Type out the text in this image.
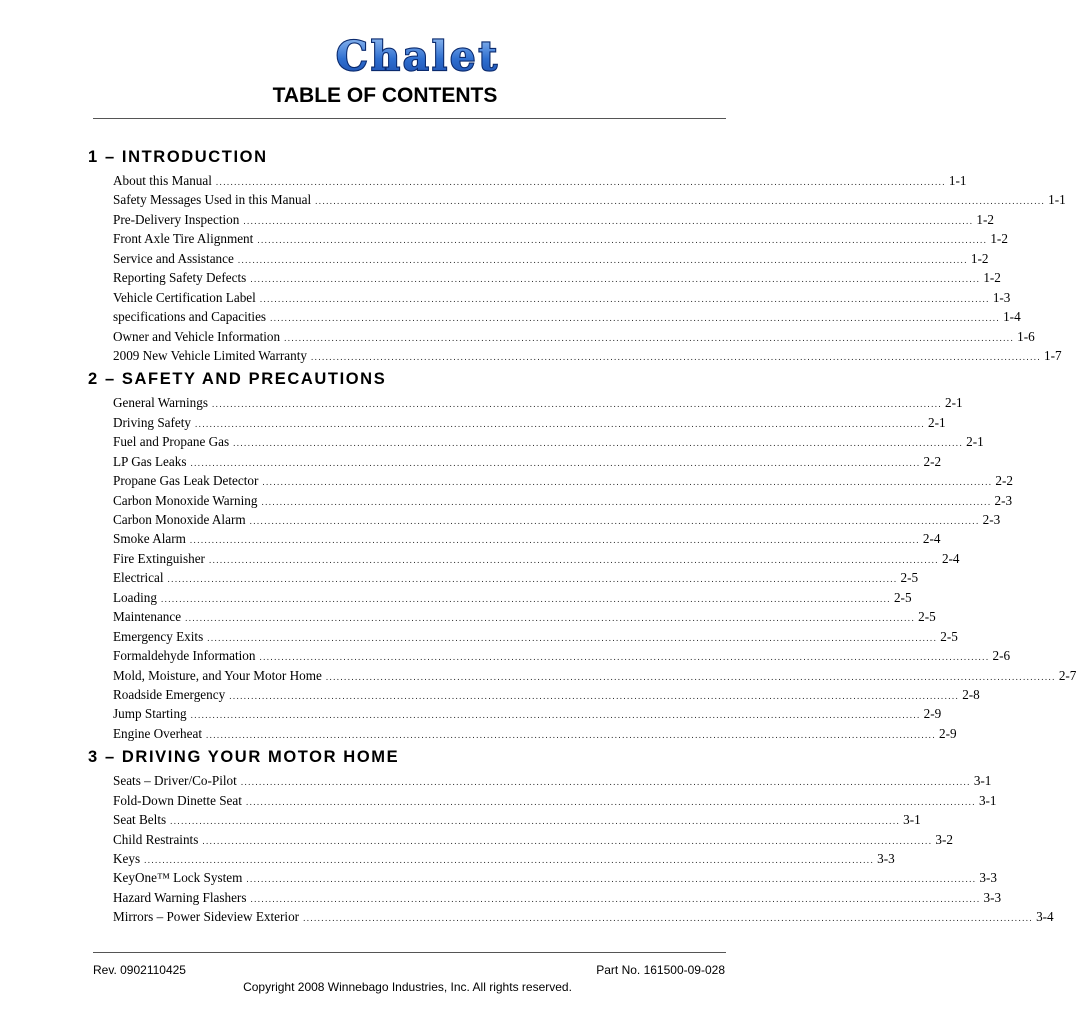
Chalet
TABLE OF CONTENTS
1 – INTRODUCTION
About this Manual ........................................................................................................................................................................................................ 1-1
Safety Messages Used in this Manual ........................................................................................................................................................................................................ 1-1
Pre-Delivery Inspection ........................................................................................................................................................................................................ 1-2
Front Axle Tire Alignment ........................................................................................................................................................................................................ 1-2
Service and Assistance ........................................................................................................................................................................................................ 1-2
Reporting Safety Defects ........................................................................................................................................................................................................ 1-2
Vehicle Certification Label ........................................................................................................................................................................................................ 1-3
specifications and Capacities ........................................................................................................................................................................................................ 1-4
Owner and Vehicle Information ........................................................................................................................................................................................................ 1-6
2009 New Vehicle Limited Warranty ........................................................................................................................................................................................................ 1-7
2 – SAFETY AND PRECAUTIONS
General Warnings ........................................................................................................................................................................................................ 2-1
Driving Safety ........................................................................................................................................................................................................ 2-1
Fuel and Propane Gas ........................................................................................................................................................................................................ 2-1
LP Gas Leaks ........................................................................................................................................................................................................ 2-2
Propane Gas Leak Detector ........................................................................................................................................................................................................ 2-2
Carbon Monoxide Warning ........................................................................................................................................................................................................ 2-3
Carbon Monoxide Alarm ........................................................................................................................................................................................................ 2-3
Smoke Alarm ........................................................................................................................................................................................................ 2-4
Fire Extinguisher ........................................................................................................................................................................................................ 2-4
Electrical ........................................................................................................................................................................................................ 2-5
Loading ........................................................................................................................................................................................................ 2-5
Maintenance ........................................................................................................................................................................................................ 2-5
Emergency Exits ........................................................................................................................................................................................................ 2-5
Formaldehyde Information ........................................................................................................................................................................................................ 2-6
Mold, Moisture, and Your Motor Home ........................................................................................................................................................................................................ 2-7
Roadside Emergency ........................................................................................................................................................................................................ 2-8
Jump Starting ........................................................................................................................................................................................................ 2-9
Engine Overheat ........................................................................................................................................................................................................ 2-9
3 – DRIVING YOUR MOTOR HOME
Seats – Driver/Co-Pilot ........................................................................................................................................................................................................ 3-1
Fold-Down Dinette Seat ........................................................................................................................................................................................................ 3-1
Seat Belts ........................................................................................................................................................................................................ 3-1
Child Restraints ........................................................................................................................................................................................................ 3-2
Keys ........................................................................................................................................................................................................ 3-3
KeyOne™ Lock System ........................................................................................................................................................................................................ 3-3
Hazard Warning Flashers ........................................................................................................................................................................................................ 3-3
Mirrors – Power Sideview Exterior ........................................................................................................................................................................................................ 3-4
Rev. 0902110425	Part No. 161500-09-028
Copyright 2008 Winnebago Industries, Inc. All rights reserved.
